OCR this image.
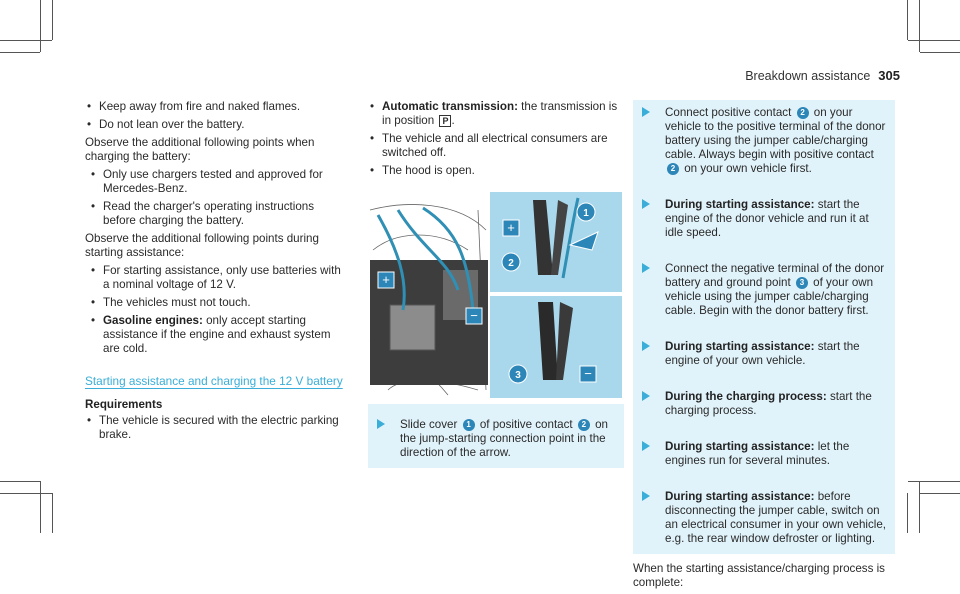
Breakdown assistance 305
• Keep away from fire and naked flames.
• Do not lean over the battery.

Observe the additional following points when charging the battery:

• Only use chargers tested and approved for Mercedes-Benz.
• Read the charger's operating instructions before charging the battery.

Observe the additional following points during starting assistance:

• For starting assistance, only use batteries with a nominal voltage of 12 V.
• The vehicles must not touch.
• Gasoline engines: only accept starting assistance if the engine and exhaust system are cold.
Starting assistance and charging the 12 V battery
Requirements
• The vehicle is secured with the electric parking brake.
• Automatic transmission: the transmission is in position P .
• The vehicle and all electrical consumers are switched off.
• The hood is open.
+
−
+
1
2
3	−
Slide cover 1 of positive contact 2 on the jump-starting connection point in the direction of the arrow.
Connect positive contact 2 on your vehicle to the positive terminal of the donor battery using the jumper cable/charging cable. Always begin with positive contact 2 on your own vehicle first.
During starting assistance: start the engine of the donor vehicle and run it at idle speed.
Connect the negative terminal of the donor battery and ground point 3 of your own vehicle using the jumper cable/charging cable. Begin with the donor battery first.
During starting assistance: start the engine of your own vehicle.
During the charging process: start the charging process.
During starting assistance: let the engines run for several minutes.
During starting assistance: before disconnecting the jumper cable, switch on an electrical consumer in your own vehicle, e.g. the rear window defroster or lighting.

When the starting assistance/charging process is complete:
